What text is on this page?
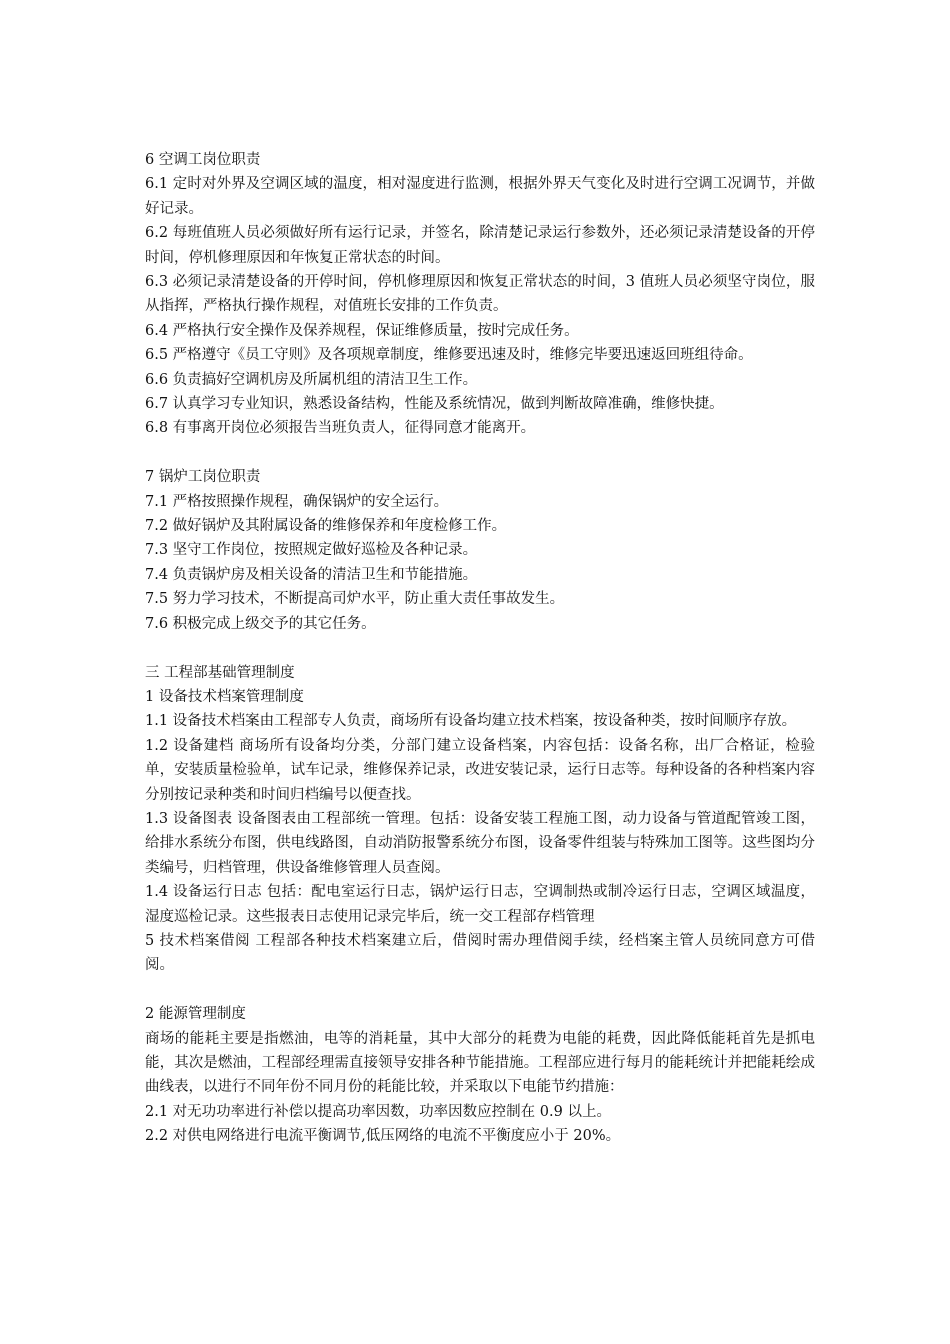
6 空调工岗位职责

6.1 定时对外界及空调区域的温度，相对湿度进行监测，根据外界天气变化及时进行空调工况调节，并做好记录。

6.2 每班值班人员必须做好所有运行记录，并签名，除清楚记录运行参数外，还必须记录清楚设备的开停时间，停机修理原因和年恢复正常状态的时间。

6.3 必须记录清楚设备的开停时间，停机修理原因和恢复正常状态的时间，3 值班人员必须坚守岗位，服从指挥，严格执行操作规程，对值班长安排的工作负责。

6.4 严格执行安全操作及保养规程，保证维修质量，按时完成任务。

6.5 严格遵守《员工守则》及各项规章制度，维修要迅速及时，维修完毕要迅速返回班组待命。

6.6 负责搞好空调机房及所属机组的清洁卫生工作。

6.7 认真学习专业知识，熟悉设备结构，性能及系统情况，做到判断故障准确，维修快捷。

6.8 有事离开岗位必须报告当班负责人，征得同意才能离开。

7 锅炉工岗位职责

7.1 严格按照操作规程，确保锅炉的安全运行。

7.2 做好锅炉及其附属设备的维修保养和年度检修工作。

7.3 坚守工作岗位，按照规定做好巡检及各种记录。

7.4 负责锅炉房及相关设备的清洁卫生和节能措施。

7.5 努力学习技术，不断提高司炉水平，防止重大责任事故发生。

7.6 积极完成上级交予的其它任务。

三 工程部基础管理制度

1 设备技术档案管理制度

1.1 设备技术档案由工程部专人负责，商场所有设备均建立技术档案，按设备种类，按时间顺序存放。

1.2 设备建档 商场所有设备均分类，分部门建立设备档案，内容包括：设备名称，出厂合格证，检验单，安装质量检验单，试车记录，维修保养记录，改进安装记录，运行日志等。每种设备的各种档案内容分别按记录种类和时间归档编号以便查找。

1.3 设备图表 设备图表由工程部统一管理。包括：设备安装工程施工图，动力设备与管道配管竣工图，给排水系统分布图，供电线路图，自动消防报警系统分布图，设备零件组装与特殊加工图等。这些图均分类编号，归档管理，供设备维修管理人员查阅。

1.4 设备运行日志 包括：配电室运行日志，锅炉运行日志，空调制热或制冷运行日志，空调区域温度，湿度巡检记录。这些报表日志使用记录完毕后，统一交工程部存档管理

5 技术档案借阅 工程部各种技术档案建立后，借阅时需办理借阅手续，经档案主管人员统同意方可借阅。

2 能源管理制度

商场的能耗主要是指燃油，电等的消耗量，其中大部分的耗费为电能的耗费，因此降低能耗首先是抓电能，其次是燃油，工程部经理需直接领导安排各种节能措施。工程部应进行每月的能耗统计并把能耗绘成曲线表，以进行不同年份不同月份的耗能比较，并采取以下电能节约措施：

2.1 对无功功率进行补偿以提高功率因数，功率因数应控制在 0.9 以上。

2.2 对供电网络进行电流平衡调节,低压网络的电流不平衡度应小于 20%。
